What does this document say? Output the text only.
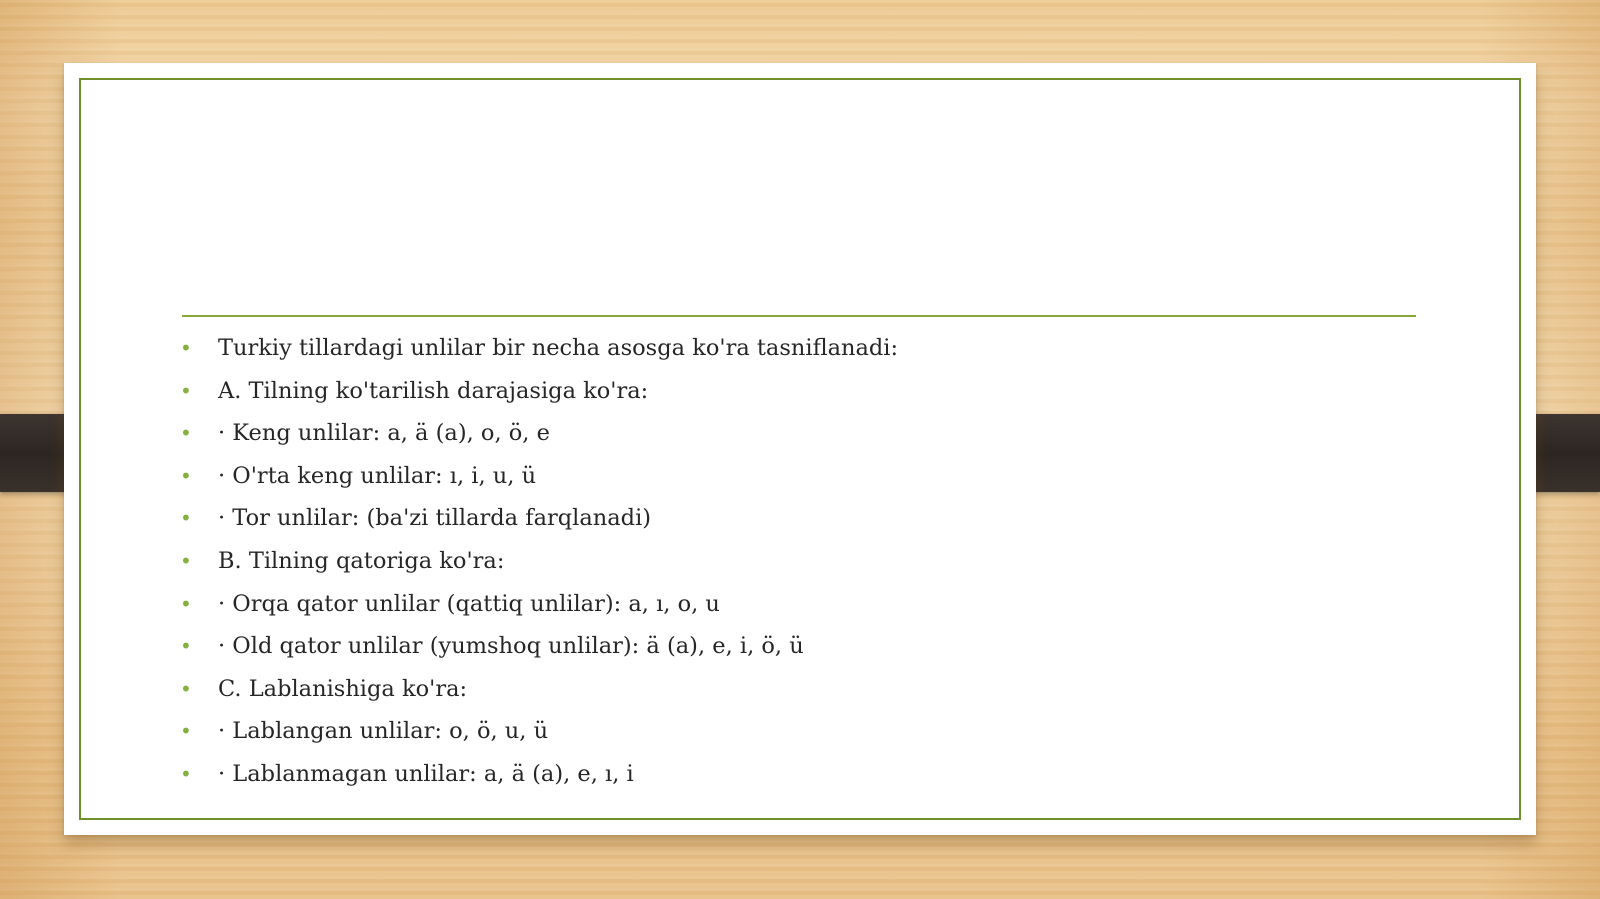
• Turkiy tillardagi unlilar bir necha asosga ko'ra tasniflanadi:
• A. Tilning ko'tarilish darajasiga ko'ra:
• · Keng unlilar: a, ä (a), o, ö, e
• · O'rta keng unlilar: ı, i, u, ü
• · Tor unlilar: (ba'zi tillarda farqlanadi)
• B. Tilning qatoriga ko'ra:
• · Orqa qator unlilar (qattiq unlilar): a, ı, o, u
• · Old qator unlilar (yumshoq unlilar): ä (a), e, i, ö, ü
• C. Lablanishiga ko'ra:
• · Lablangan unlilar: o, ö, u, ü
• · Lablanmagan unlilar: a, ä (a), e, ı, i
